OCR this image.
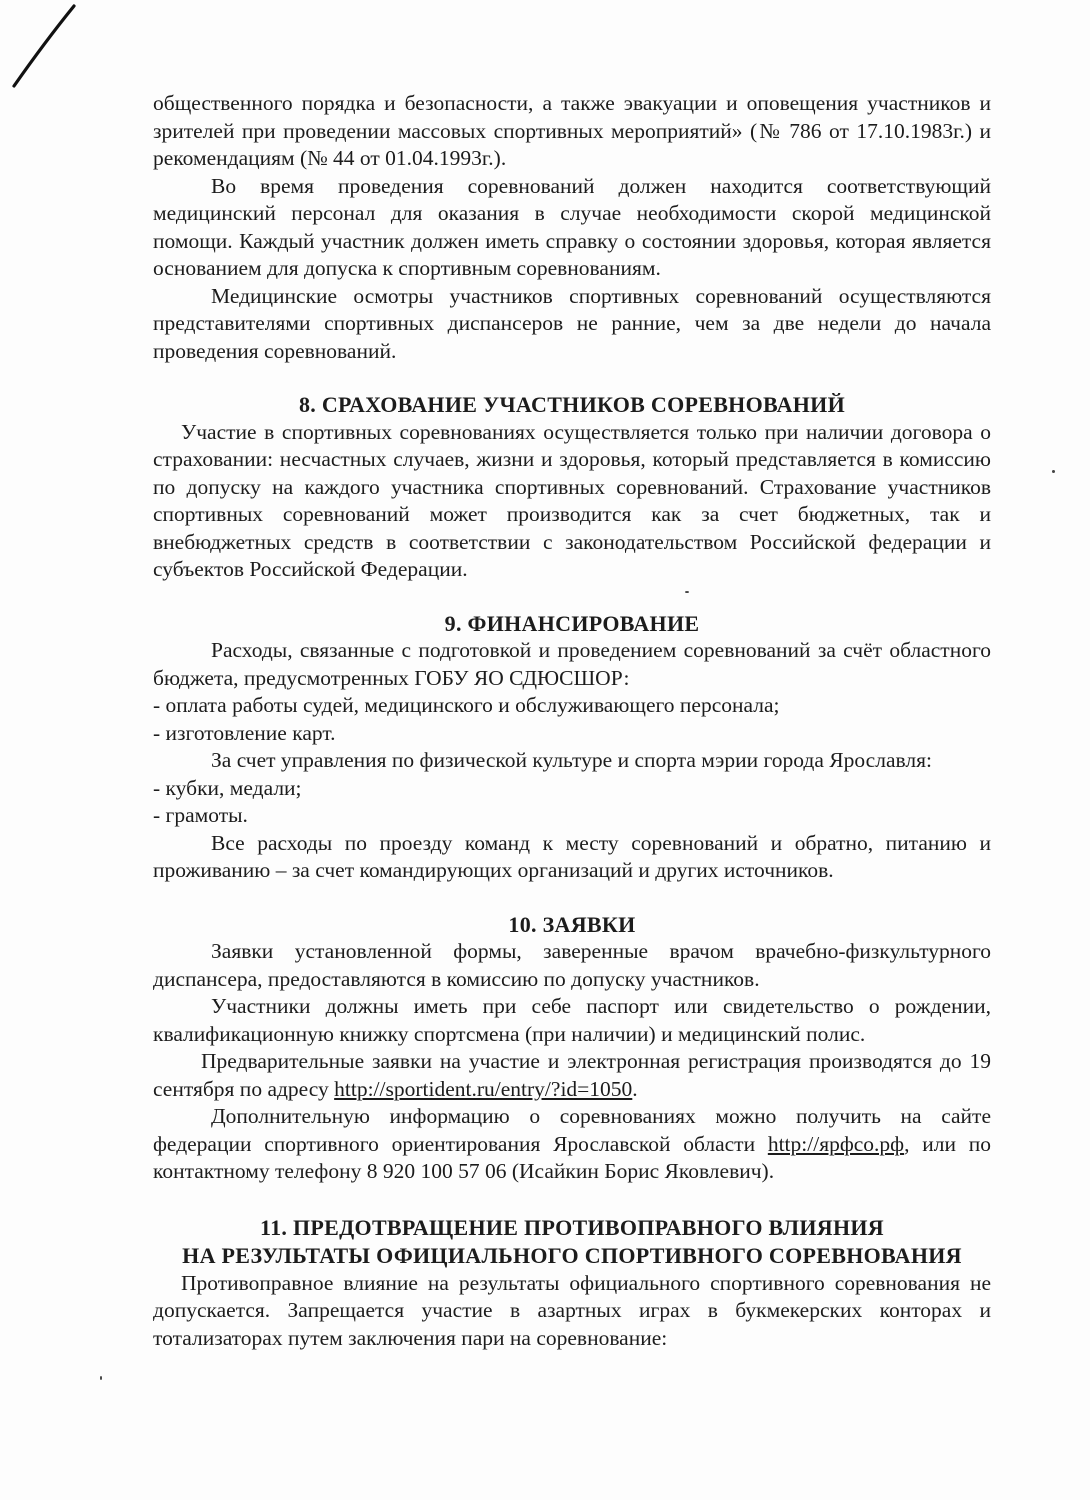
общественного порядка и безопасности, а также эвакуации и оповещения участников и зрителей при проведении массовых спортивных мероприятий» (№ 786 от 17.10.1983г.) и рекомендациям (№ 44 от 01.04.1993г.).

Во время проведения соревнований должен находится соответствующий медицинский персонал для оказания в случае необходимости скорой медицинской помощи. Каждый участник должен иметь справку о состоянии здоровья, которая является основанием для допуска к спортивным соревнованиям.

Медицинские осмотры участников спортивных соревнований осуществляются представителями спортивных диспансеров не ранние, чем за две недели до начала проведения соревнований.

8. СРАХОВАНИЕ УЧАСТНИКОВ СОРЕВНОВАНИЙ

Участие в спортивных соревнованиях осуществляется только при наличии договора о страховании: несчастных случаев, жизни и здоровья, который представляется в комиссию по допуску на каждого участника спортивных соревнований. Страхование участников спортивных соревнований может производится как за счет бюджетных, так и внебюджетных средств в соответствии с законодательством Российской федерации и субъектов Российской Федерации.

9. ФИНАНСИРОВАНИЕ

Расходы, связанные с подготовкой и проведением соревнований за счёт областного бюджета, предусмотренных ГОБУ ЯО СДЮСШОР:

- оплата работы судей, медицинского и обслуживающего персонала;

- изготовление карт.

За счет управления по физической культуре и спорта мэрии города Ярославля:

- кубки, медали;

- грамоты.

Все расходы по проезду команд к месту соревнований и обратно, питанию и проживанию – за счет командирующих организаций и других источников.

10. ЗАЯВКИ

Заявки установленной формы, заверенные врачом врачебно-физкультурного диспансера, предоставляются в комиссию по допуску участников.

Участники должны иметь при себе паспорт или свидетельство о рождении, квалификационную книжку спортсмена (при наличии) и медицинский полис.

Предварительные заявки на участие и электронная регистрация производятся до 19 сентября по адресу http://sportident.ru/entry/?id=1050.

Дополнительную информацию о соревнованиях можно получить на сайте федерации спортивного ориентирования Ярославской области http://ярфсо.рф, или по контактному телефону 8 920 100 57 06 (Исайкин Борис Яковлевич).

11. ПРЕДОТВРАЩЕНИЕ ПРОТИВОПРАВНОГО ВЛИЯНИЯ
НА РЕЗУЛЬТАТЫ ОФИЦИАЛЬНОГО СПОРТИВНОГО СОРЕВНОВАНИЯ

Противоправное влияние на результаты официального спортивного соревнования не допускается. Запрещается участие в азартных играх в букмекерских конторах и тотализаторах путем заключения пари на соревнование:
